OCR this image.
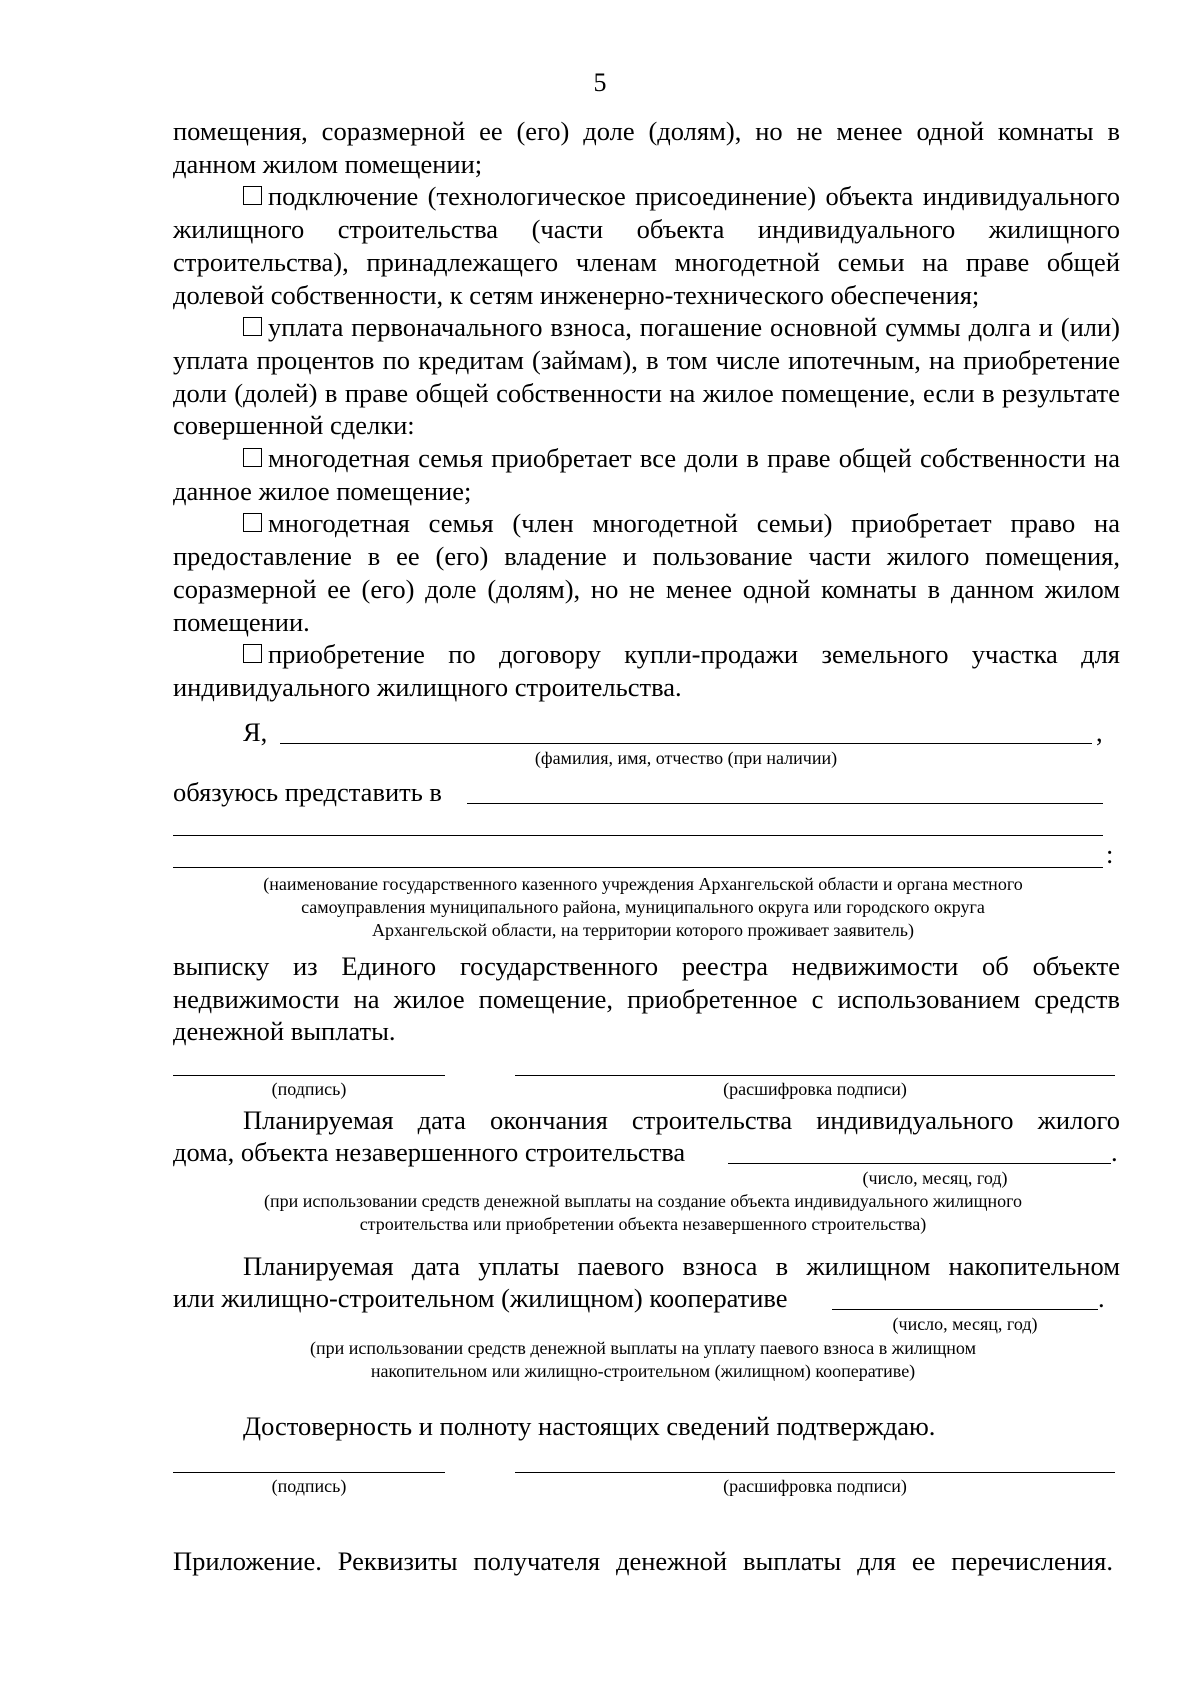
5

помещения, соразмерной ее (его) доле (долям), но не менее одной комнаты в данном жилом помещении;

подключение (технологическое присоединение) объекта индивидуального жилищного строительства (части объекта индивидуального жилищного строительства), принадлежащего членам многодетной семьи на праве общей долевой собственности, к сетям инженерно-технического обеспечения;

уплата первоначального взноса, погашение основной суммы долга и (или) уплата процентов по кредитам (займам), в том числе ипотечным, на приобретение доли (долей) в праве общей собственности на жилое помещение, если в результате совершенной сделки:

многодетная семья приобретает все доли в праве общей собственности на данное жилое помещение;

многодетная семья (член многодетной семьи) приобретает право на предоставление в ее (его) владение и пользование части жилого помещения, соразмерной ее (его) доле (долям), но не менее одной комнаты в данном жилом помещении.

приобретение по договору купли-продажи земельного участка для индивидуального жилищного строительства.

Я,	,
(фамилия, имя, отчество (при наличии)
обязуюсь представить в
:
(наименование государственного казенного учреждения Архангельской области и органа местного
самоуправления муниципального района, муниципального округа или городского округа
Архангельской области, на территории которого проживает заявитель)
выписку из Единого государственного реестра недвижимости об объекте недвижимости на жилое помещение, приобретенное с использованием средств денежной выплаты.
(подпись)	(расшифровка подписи)
Планируемая дата окончания строительства индивидуального жилого
дома, объекта незавершенного строительства	.
(число, месяц, год)
(при использовании средств денежной выплаты на создание объекта индивидуального жилищного
строительства или приобретении объекта незавершенного строительства)
Планируемая дата уплаты паевого взноса в жилищном накопительном
или жилищно-строительном (жилищном) кооперативе	.
(число, месяц, год)
(при использовании средств денежной выплаты на уплату паевого взноса в жилищном
накопительном или жилищно-строительном (жилищном) кооперативе)
Достоверность и полноту настоящих сведений подтверждаю.
(подпись)	(расшифровка подписи)
Приложение. Реквизиты получателя денежной выплаты для ее перечисления.
